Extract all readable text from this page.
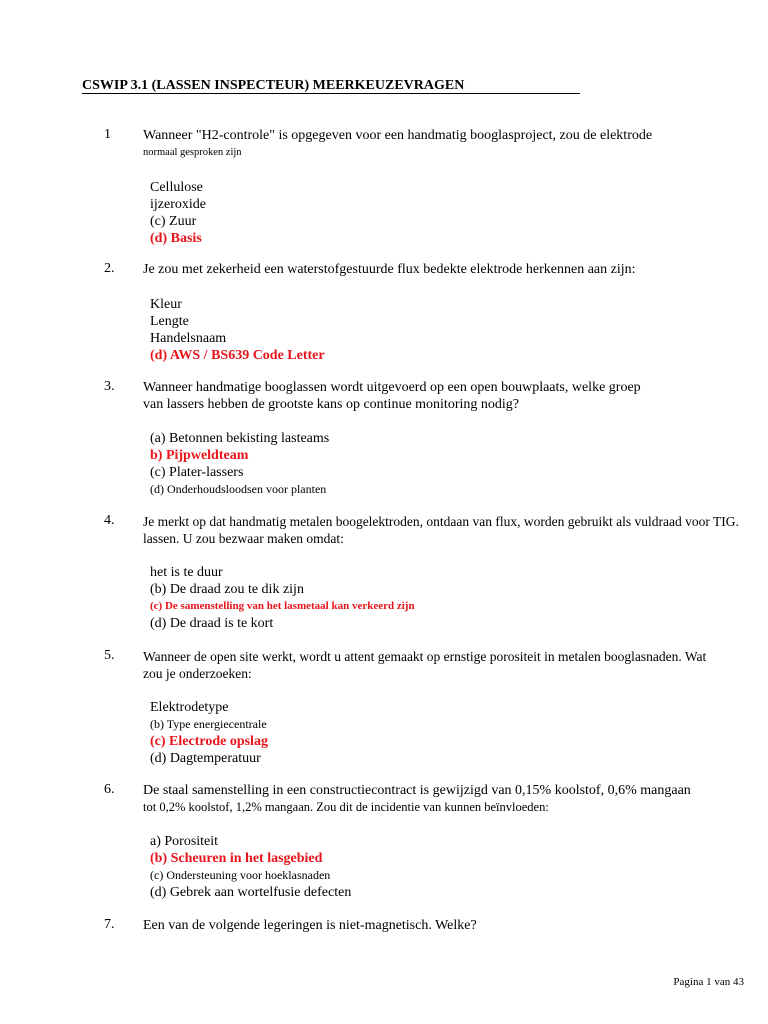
CSWIP 3.1 (LASSEN INSPECTEUR) MEERKEUZEVRAGEN
1 Wanneer "H2-controle" is opgegeven voor een handmatig booglasproject, zou de elektrode
normaal gesproken zijn
Cellulose
ijzeroxide
(c) Zuur
(d) Basis
2. Je zou met zekerheid een waterstofgestuurde flux bedekte elektrode herkennen aan zijn:
Kleur
Lengte
Handelsnaam
(d) AWS / BS639 Code Letter
3. Wanneer handmatige booglassen wordt uitgevoerd op een open bouwplaats, welke groep
van lassers hebben de grootste kans op continue monitoring nodig?
(a) Betonnen bekisting lasteams
b) Pijpweldteam
(c) Plater-lassers
(d) Onderhoudsloodsen voor planten
4. Je merkt op dat handmatig metalen boogelektroden, ontdaan van flux, worden gebruikt als vuldraad voor TIG.
lassen. U zou bezwaar maken omdat:
het is te duur
(b) De draad zou te dik zijn
(c) De samenstelling van het lasmetaal kan verkeerd zijn
(d) De draad is te kort
5. Wanneer de open site werkt, wordt u attent gemaakt op ernstige porositeit in metalen booglasnaden. Wat
zou je onderzoeken:
Elektrodetype
(b) Type energiecentrale
(c) Electrode opslag
(d) Dagtemperatuur
6. De staal samenstelling in een constructiecontract is gewijzigd van 0,15% koolstof, 0,6% mangaan
tot 0,2% koolstof, 1,2% mangaan. Zou dit de incidentie van kunnen beïnvloeden:
a) Porositeit
(b) Scheuren in het lasgebied
(c) Ondersteuning voor hoeklasnaden
(d) Gebrek aan wortelfusie defecten
7. Een van de volgende legeringen is niet-magnetisch. Welke?
Pagina 1 van 43
